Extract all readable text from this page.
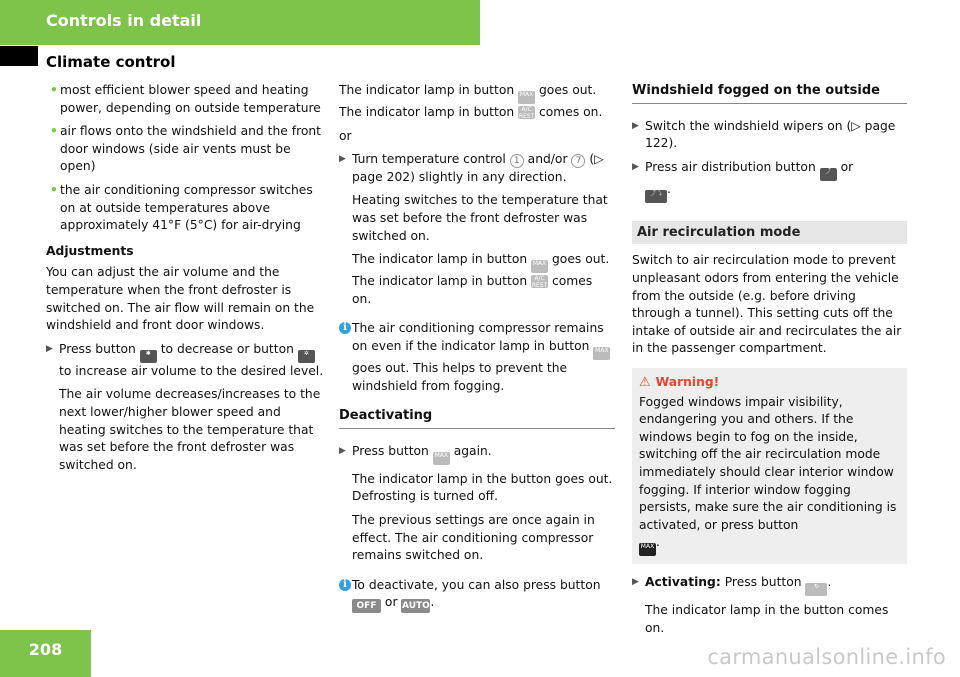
Controls in detail
Climate control
• most efficient blower speed and heating power, depending on outside temperature
• air flows onto the windshield and the front door windows (side air vents must be open)
• the air conditioning compressor switches on at outside temperatures above approximately 41°F (5°C) for air-drying
Adjustments

You can adjust the air volume and the temperature when the front defroster is switched on. The air flow will remain on the windshield and front door windows.

▶ Press button ✱ to decrease or button ✲ to increase air volume to the desired level.
The air volume decreases/increases to the next lower/higher blower speed and heating switches to the temperature that was set before the front defroster was switched on.

The indicator lamp in button MAX goes out. The indicator lamp in button A/C REST comes on.

or

▶ Turn temperature control 1 and/or 7 (▷ page 202) slightly in any direction.
Heating switches to the temperature that was set before the front defroster was switched on.
The indicator lamp in button MAX goes out. The indicator lamp in button A/C REST comes on.
i The air conditioning compressor remains on even if the indicator lamp in button MAX goes out. This helps to prevent the windshield from fogging.
Deactivating
▶ Press button MAX again.
The indicator lamp in the button goes out. Defrosting is turned off.
The previous settings are once again in effect. The air conditioning compressor remains switched on.
i To deactivate, you can also press button OFF or AUTO.
Windshield fogged on the outside
▶ Switch the windshield wipers on (▷ page 122).
▶ Press air distribution button ⤴ or
⤴⤵ .
Air recirculation mode

Switch to air recirculation mode to prevent unpleasant odors from entering the vehicle from the outside (e.g. before driving through a tunnel). This setting cuts off the intake of outside air and recirculates the air in the passenger compartment.

⚠ Warning!
Fogged windows impair visibility, endangering you and others. If the windows begin to fog on the inside, switching off the air recirculation mode immediately should clear interior window fogging. If interior window fogging persists, make sure the air conditioning is activated, or press button
MAX .
▶ Activating: Press button ↻ .
The indicator lamp in the button comes on.
208	carmanualsonline.info
